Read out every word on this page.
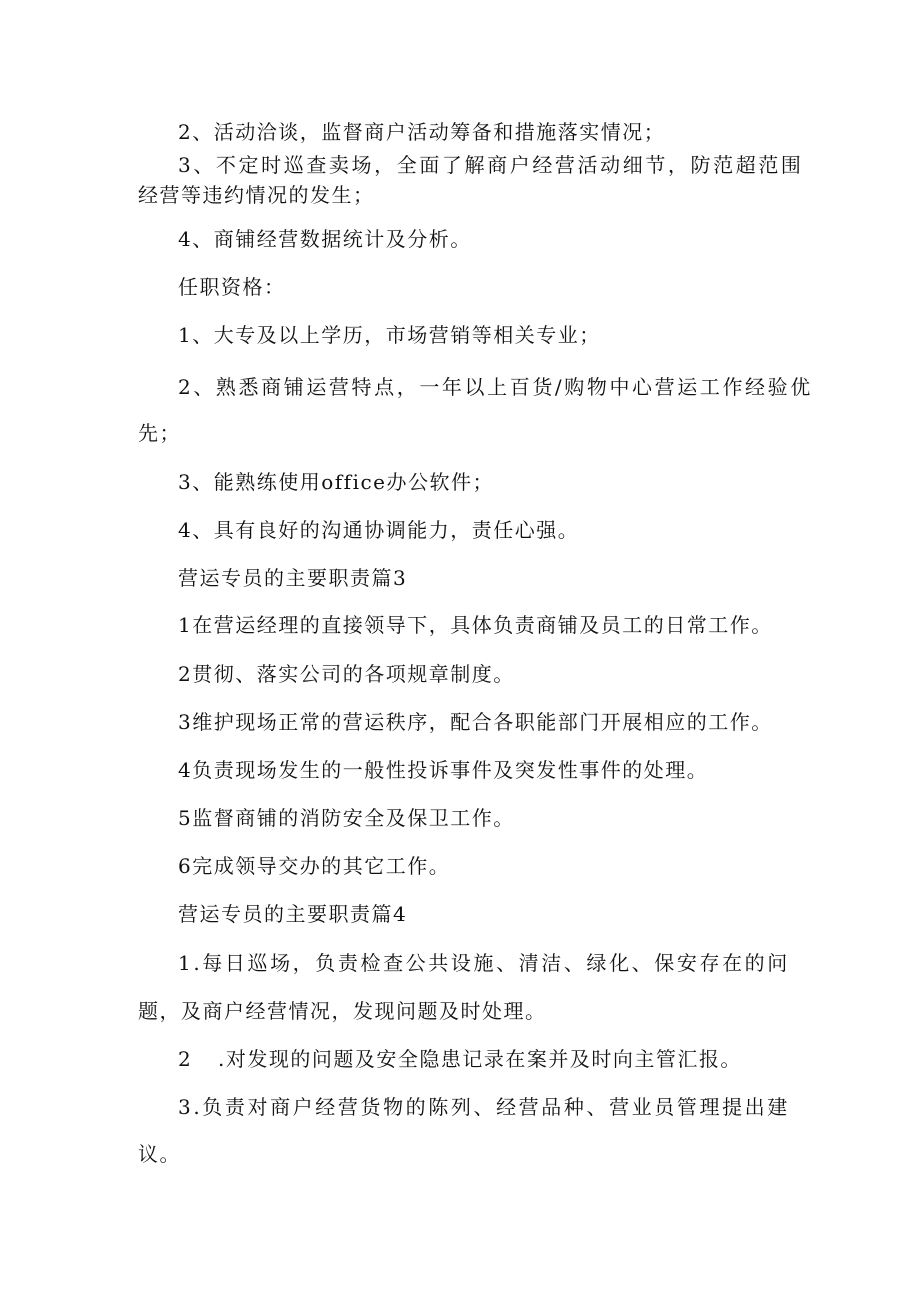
2、活动洽谈，监督商户活动筹备和措施落实情况；
3、不定时巡查卖场，全面了解商户经营活动细节，防范超范围
经营等违约情况的发生；
4、商铺经营数据统计及分析。
任职资格：
1、大专及以上学历，市场营销等相关专业；
2、熟悉商铺运营特点，一年以上百货/购物中心营运工作经验优
先；
3、能熟练使用office办公软件；
4、具有良好的沟通协调能力，责任心强。
营运专员的主要职责篇3
1在营运经理的直接领导下，具体负责商铺及员工的日常工作。
2贯彻、落实公司的各项规章制度。
3维护现场正常的营运秩序，配合各职能部门开展相应的工作。
4负责现场发生的一般性投诉事件及突发性事件的处理。
5监督商铺的消防安全及保卫工作。
6完成领导交办的其它工作。
营运专员的主要职责篇4
1.每日巡场，负责检查公共设施、清洁、绿化、保安存在的问
题，及商户经营情况，发现问题及时处理。
2 .对发现的问题及安全隐患记录在案并及时向主管汇报。
3.负责对商户经营货物的陈列、经营品种、营业员管理提出建
议。
